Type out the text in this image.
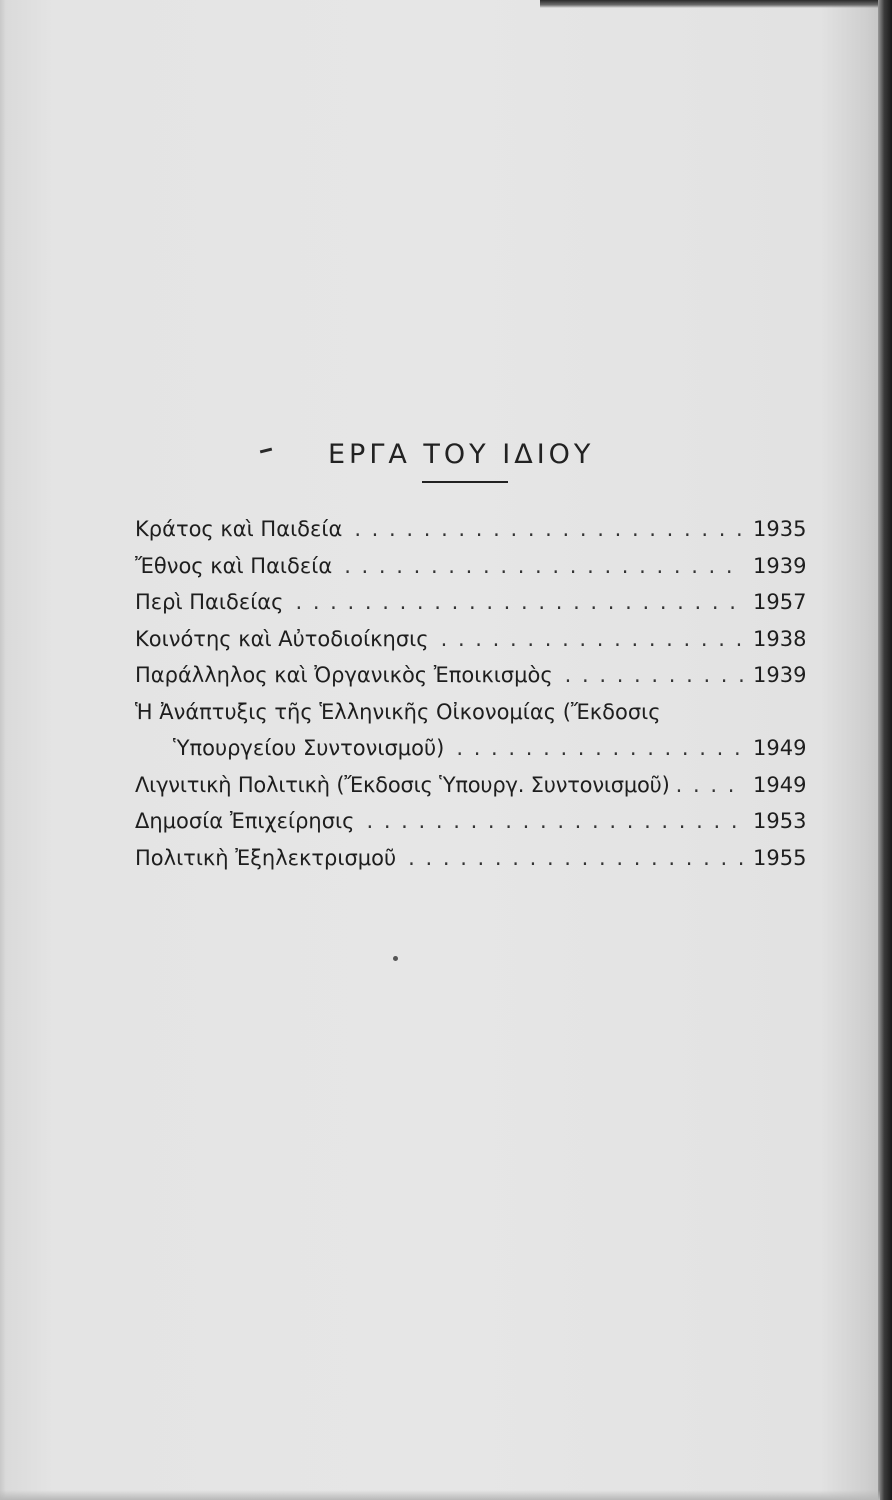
ΕΡΓΑ ΤΟΥ ΙΔΙΟΥ
Κράτος καὶ Παιδεία . . .	1935
Ἔθνος καὶ Παιδεία . . .	1939
Περὶ Παιδείας . . .	1957
Κοινότης καὶ Αὐτοδιοίκησις . . .	1938
Παράλληλος καὶ Ὀργανικὸς Ἐποικισμὸς . . .	1939
Ἡ Ἀνάπτυξις τῆς Ἑλληνικῆς Οἰκονομίας (Ἔκδοσις
Ὑπουργείου Συντονισμοῦ) . . .	1949
Λιγνιτικὴ Πολιτικὴ (Ἔκδοσις Ὑπουργ. Συντονισμοῦ) . . .	1949
Δημοσία Ἐπιχείρησις . . .	1953
Πολιτικὴ Ἐξηλεκτρισμοῦ . . .	1955
